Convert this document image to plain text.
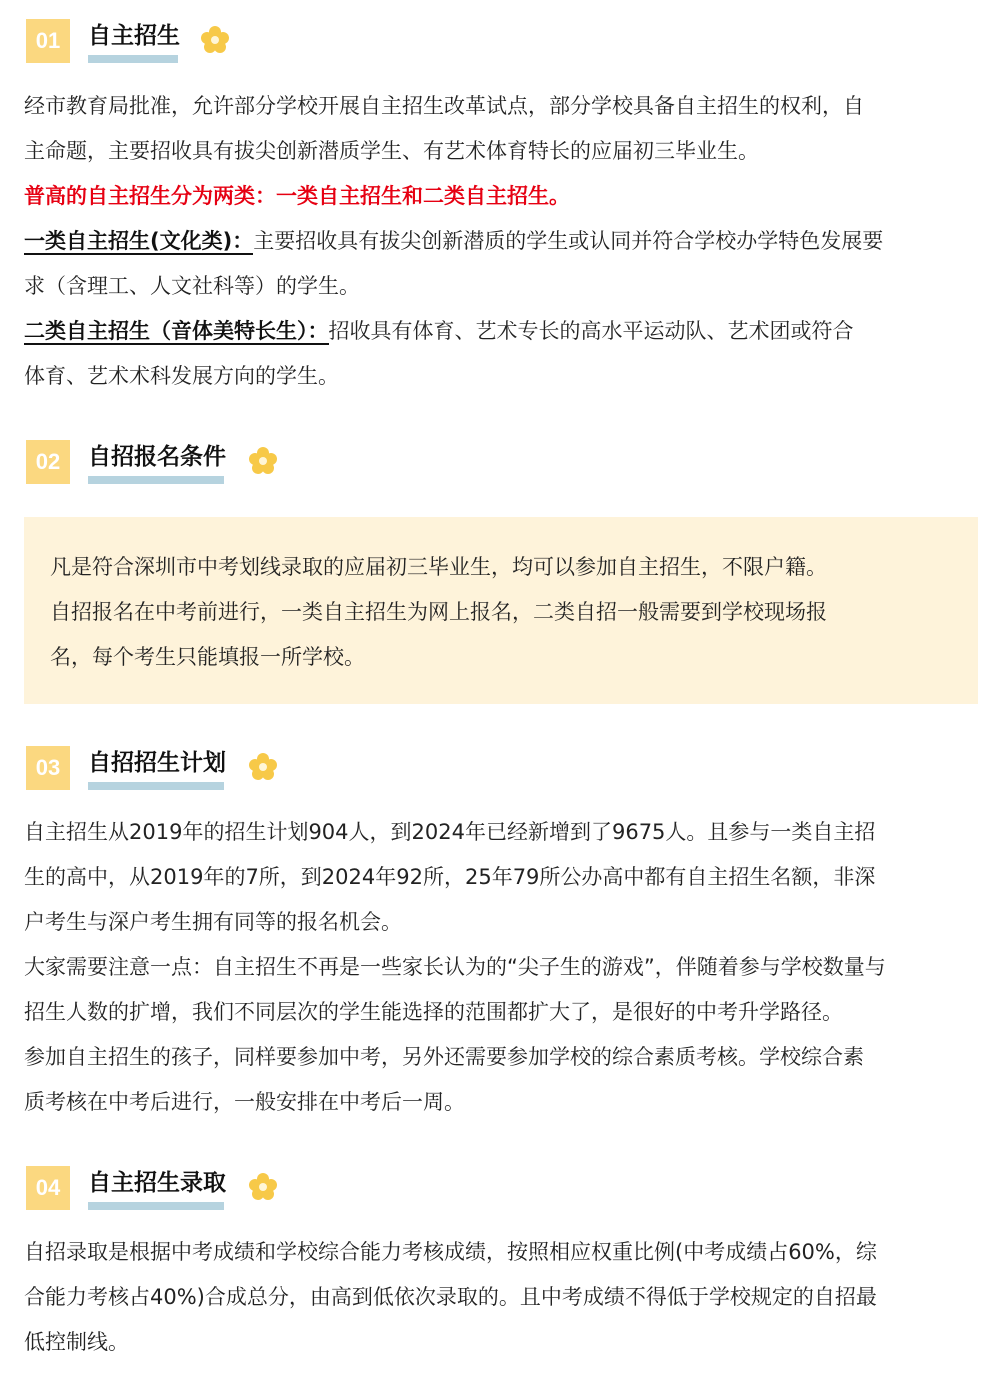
01	自主招生

经市教育局批准，允许部分学校开展自主招生改革试点，部分学校具备自主招生的权利，自

主命题，主要招收具有拔尖创新潜质学生、有艺术体育特长的应届初三毕业生。

普高的自主招生分为两类：一类自主招生和二类自主招生。

一类自主招生(文化类)：主要招收具有拔尖创新潜质的学生或认同并符合学校办学特色发展要

求（含理工、人文社科等）的学生。

二类自主招生（音体美特长生）：招收具有体育、艺术专长的高水平运动队、艺术团或符合

体育、艺术术科发展方向的学生。

02	自招报名条件

凡是符合深圳市中考划线录取的应届初三毕业生，均可以参加自主招生，不限户籍。

自招报名在中考前进行，一类自主招生为网上报名，二类自招一般需要到学校现场报

名，每个考生只能填报一所学校。

03	自招招生计划

自主招生从2019年的招生计划904人，到2024年已经新增到了9675人。且参与一类自主招

生的高中，从2019年的7所，到2024年92所，25年79所公办高中都有自主招生名额，非深

户考生与深户考生拥有同等的报名机会。

大家需要注意一点：自主招生不再是一些家长认为的“尖子生的游戏”，伴随着参与学校数量与

招生人数的扩增，我们不同层次的学生能选择的范围都扩大了，是很好的中考升学路径。

参加自主招生的孩子，同样要参加中考，另外还需要参加学校的综合素质考核。学校综合素

质考核在中考后进行，一般安排在中考后一周。

04	自主招生录取

自招录取是根据中考成绩和学校综合能力考核成绩，按照相应权重比例(中考成绩占60%，综

合能力考核占40%)合成总分，由高到低依次录取的。且中考成绩不得低于学校规定的自招最

低控制线。
